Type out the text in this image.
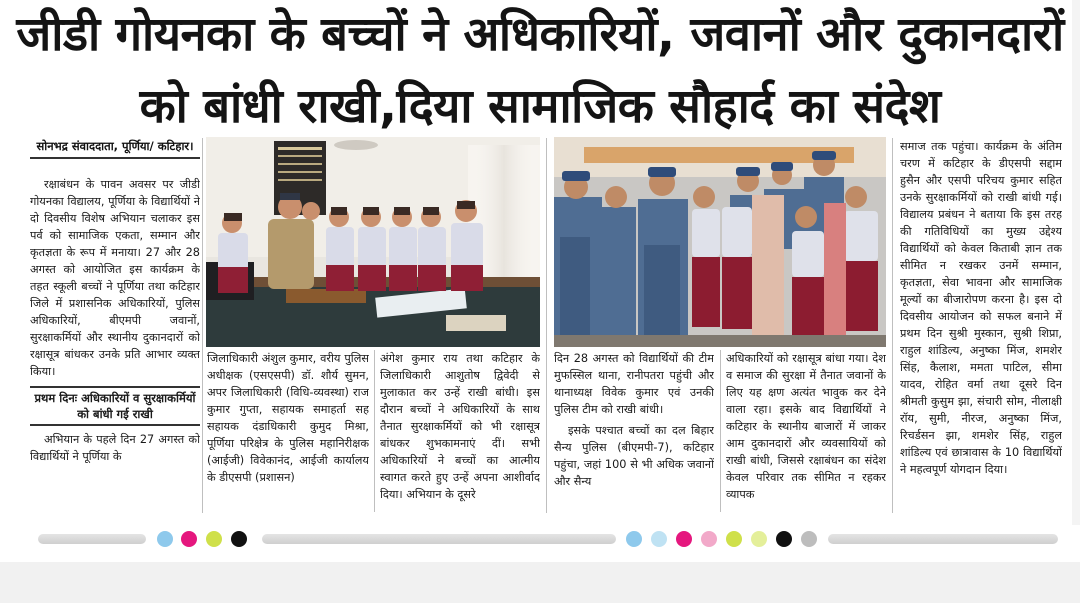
जीडी गोयनका के बच्चों ने अधिकारियों, जवानों और दुकानदारों
को बांधी राखी,दिया सामाजिक सौहार्द का संदेश
सोनभद्र संवाददाता, पूर्णिया/ कटिहार।

रक्षाबंधन के पावन अवसर पर जीडी गोयनका विद्यालय, पूर्णिया के विद्यार्थियों ने दो दिवसीय विशेष अभियान चलाकर इस पर्व को सामाजिक एकता, सम्मान और कृतज्ञता के रूप में मनाया। 27 और 28 अगस्त को आयोजित इस कार्यक्रम के तहत स्कूली बच्चों ने पूर्णिया तथा कटिहार जिले में प्रशासनिक अधिकारियों, पुलिस अधिकारियों, बीएमपी जवानों, सुरक्षाकर्मियों और स्थानीय दुकानदारों को रक्षासूत्र बांधकर उनके प्रति आभार व्यक्त किया।

प्रथम दिनः अधिकारियों व सुरक्षाकर्मियों को बांधी गई राखी

अभियान के पहले दिन 27 अगस्त को विद्यार्थियों ने पूर्णिया के

जिलाधिकारी अंशुल कुमार, वरीय पुलिस अधीक्षक (एसएसपी) डॉ. शौर्य सुमन, अपर जिलाधिकारी (विधि-व्यवस्था) राज कुमार गुप्ता, सहायक समाहर्ता सह सहायक दंडाधिकारी कुमुद मिश्रा, पूर्णिया परिक्षेत्र के पुलिस महानिरीक्षक (आईजी) विवेकानंद, आईजी कार्यालय के डीएसपी (प्रशासन)

अंगेश कुमार राय तथा कटिहार के जिलाधिकारी आशुतोष द्विवेदी से मुलाकात कर उन्हें राखी बांधी। इस दौरान बच्चों ने अधिकारियों के साथ तैनात सुरक्षाकर्मियों को भी रक्षासूत्र बांधकर शुभकामनाएं दीं। सभी अधिकारियों ने बच्चों का आत्मीय स्वागत करते हुए उन्हें अपना आशीर्वाद दिया। अभियान के दूसरे

दिन 28 अगस्त को विद्यार्थियों की टीम मुफस्सिल थाना, रानीपतरा पहुंची और थानाध्यक्ष विवेक कुमार एवं उनकी पुलिस टीम को राखी बांधी।

इसके पश्चात बच्चों का दल बिहार सैन्य पुलिस (बीएमपी-7), कटिहार पहुंचा, जहां 100 से भी अधिक जवानों और सैन्य

अधिकारियों को रक्षासूत्र बांधा गया। देश व समाज की सुरक्षा में तैनात जवानों के लिए यह क्षण अत्यंत भावुक कर देने वाला रहा। इसके बाद विद्यार्थियों ने कटिहार के स्थानीय बाजारों में जाकर आम दुकानदारों और व्यवसायियों को राखी बांधी, जिससे रक्षाबंधन का संदेश केवल परिवार तक सीमित न रहकर व्यापक

समाज तक पहुंचा। कार्यक्रम के अंतिम चरण में कटिहार के डीएसपी सद्दाम हुसैन और एसपी परिचय कुमार सहित उनके सुरक्षाकर्मियों को राखी बांधी गई। विद्यालय प्रबंधन ने बताया कि इस तरह की गतिविधियों का मुख्य उद्देश्य विद्यार्थियों को केवल किताबी ज्ञान तक सीमित न रखकर उनमें सम्मान, कृतज्ञता, सेवा भावना और सामाजिक मूल्यों का बीजारोपण करना है। इस दो दिवसीय आयोजन को सफल बनाने में प्रथम दिन सुश्री मुस्कान, सुश्री शिप्रा, राहुल शांडिल्य, अनुष्का मिंज, शमशेर सिंह, कैलाश, ममता पाटिल, सीमा यादव, रोहित वर्मा तथा दूसरे दिन श्रीमती कुसुम झा, संचारी सोम, नीलाक्षी रॉय, सुमी, नीरज, अनुष्का मिंज, रिचर्डसन झा, शमशेर सिंह, राहुल शांडिल्य एवं छात्रावास के 10 विद्यार्थियों ने महत्वपूर्ण योगदान दिया।
